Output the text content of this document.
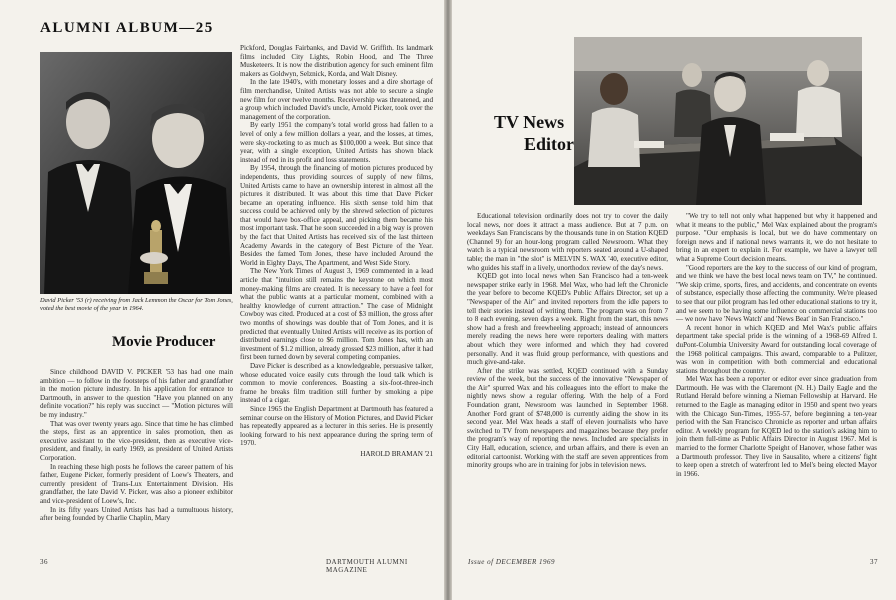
ALUMNI ALBUM—25
David Picker '53 (r) receiving from Jack Lemmon the Oscar for Tom Jones, voted the best movie of the year in 1964.
Movie Producer

Since childhood DAVID V. PICKER '53 has had one main ambition — to follow in the footsteps of his father and grandfather in the motion picture industry. In his application for entrance to Dartmouth, in answer to the question "Have you planned on any definite vocation?" his reply was succinct — "Motion pictures will be my industry."

That was over twenty years ago. Since that time he has climbed the steps, first as an apprentice in sales promotion, then as executive assistant to the vice-president, then as executive vice-president, and finally, in early 1969, as president of United Artists Corporation.

In reaching these high posts he follows the career pattern of his father, Eugene Picker, formerly president of Loew's Theaters, and currently president of Trans-Lux Entertainment Division. His grandfather, the late David V. Picker, was also a pioneer exhibitor and vice-president of Loew's, Inc.

In its fifty years United Artists has had a tumultuous history, after being founded by Charlie Chaplin, Mary

Pickford, Douglas Fairbanks, and David W. Griffith. Its landmark films included City Lights, Robin Hood, and The Three Musketeers. It is now the distribution agency for such eminent film makers as Goldwyn, Selznick, Korda, and Walt Disney.

In the late 1940's, with monetary losses and a dire shortage of film merchandise, United Artists was not able to secure a single new film for over twelve months. Receivership was threatened, and a group which included David's uncle, Arnold Picker, took over the management of the corporation.

By early 1951 the company's total world gross had fallen to a level of only a few million dollars a year, and the losses, at times, were sky-rocketing to as much as $100,000 a week. But since that year, with a single exception, United Artists has shown black instead of red in its profit and loss statements.

By 1954, through the financing of motion pictures produced by independents, thus providing sources of supply of new films, United Artists came to have an ownership interest in almost all the pictures it distributed. It was about this time that Dave Picker became an operating influence. His sixth sense told him that success could be achieved only by the shrewd selection of pictures that would have box-office appeal, and picking them became his most important task. That he soon succeeded in a big way is proven by the fact that United Artists has received six of the last thirteen Academy Awards in the category of Best Picture of the Year. Besides the famed Tom Jones, these have included Around the World in Eighty Days, The Apartment, and West Side Story.

The New York Times of August 3, 1969 commented in a lead article that "intuition still remains the keystone on which most money-making films are created. It is necessary to have a feel for what the public wants at a particular moment, combined with a healthy knowledge of current attraction." The case of Midnight Cowboy was cited. Produced at a cost of $3 million, the gross after two months of showings was double that of Tom Jones, and it is predicted that eventually United Artists will receive as its portion of distributed earnings close to $6 million. Tom Jones has, with an investment of $1.2 million, already grossed $23 million, after it had first been turned down by several competing companies.

Dave Picker is described as a knowledgeable, persuasive talker, whose educated voice easily cuts through the loud talk which is common to movie conferences. Boasting a six-foot-three-inch frame he breaks film tradition still further by smoking a pipe instead of a cigar.

Since 1965 the English Department at Dartmouth has featured a seminar course on the History of Motion Pictures, and David Picker has repeatedly appeared as a lecturer in this series. He is presently looking forward to his next appearance during the spring term of 1970.

HAROLD BRAMAN '21
36	DARTMOUTH ALUMNI MAGAZINE
TV News
Editor

Educational television ordinarily does not try to cover the daily local news, nor does it attract a mass audience. But at 7 p.m. on weekdays San Franciscans by the thousands tune in on Station KQED (Channel 9) for an hour-long program called Newsroom. What they watch is a typical newsroom with reporters seated around a U-shaped table; the man in "the slot" is MELVIN S. WAX '40, executive editor, who guides his staff in a lively, unorthodox review of the day's news.

KQED got into local news when San Francisco had a ten-week newspaper strike early in 1968. Mel Wax, who had left the Chronicle the year before to become KQED's Public Affairs Director, set up a "Newspaper of the Air" and invited reporters from the idle papers to tell their stories instead of writing them. The program was on from 7 to 8 each evening, seven days a week. Right from the start, this news show had a fresh and freewheeling approach; instead of announcers merely reading the news here were reporters dealing with matters about which they were informed and which they had covered personally. And it was fluid group performance, with questions and much give-and-take.

After the strike was settled, KQED continued with a Sunday review of the week, but the success of the innovative "Newspaper of the Air" spurred Wax and his colleagues into the effort to make the nightly news show a regular offering. With the help of a Ford Foundation grant, Newsroom was launched in September 1968. Another Ford grant of $748,000 is currently aiding the show in its second year. Mel Wax heads a staff of eleven journalists who have switched to TV from newspapers and magazines because they prefer the program's way of reporting the news. Included are specialists in City Hall, education, science, and urban affairs, and there is even an editorial cartoonist. Working with the staff are seven apprentices from minority groups who are in training for jobs in television news.

"We try to tell not only what happened but why it happened and what it means to the public," Mel Wax explained about the program's purpose. "Our emphasis is local, but we do have commentary on foreign news and if national news warrants it, we do not hesitate to bring in an expert to explain it. For example, we have a lawyer tell what a Supreme Court decision means.

"Good reporters are the key to the success of our kind of program, and we think we have the best local news team on TV," he continued. "We skip crime, sports, fires, and accidents, and concentrate on events of substance, especially those affecting the community. We're pleased to see that our pilot program has led other educational stations to try it, and we seem to be having some influence on commercial stations too — we now have 'News Watch' and 'News Beat' in San Francisco."

A recent honor in which KQED and Mel Wax's public affairs department take special pride is the winning of a 1968-69 Alfred I. duPont-Columbia University Award for outstanding local coverage of the 1968 political campaigns. This award, comparable to a Pulitzer, was won in competition with both commercial and educational stations throughout the country.

Mel Wax has been a reporter or editor ever since graduation from Dartmouth. He was with the Claremont (N. H.) Daily Eagle and the Rutland Herald before winning a Nieman Fellowship at Harvard. He returned to the Eagle as managing editor in 1950 and spent two years with the Chicago Sun-Times, 1955-57, before beginning a ten-year period with the San Francisco Chronicle as reporter and urban affairs editor. A weekly program for KQED led to the station's asking him to join them full-time as Public Affairs Director in August 1967. Mel is married to the former Charlotte Speight of Hanover, whose father was a Dartmouth professor. They live in Sausalito, where a citizens' fight to keep open a stretch of waterfront led to Mel's being elected Mayor in 1966.

Issue of DECEMBER 1969	37
